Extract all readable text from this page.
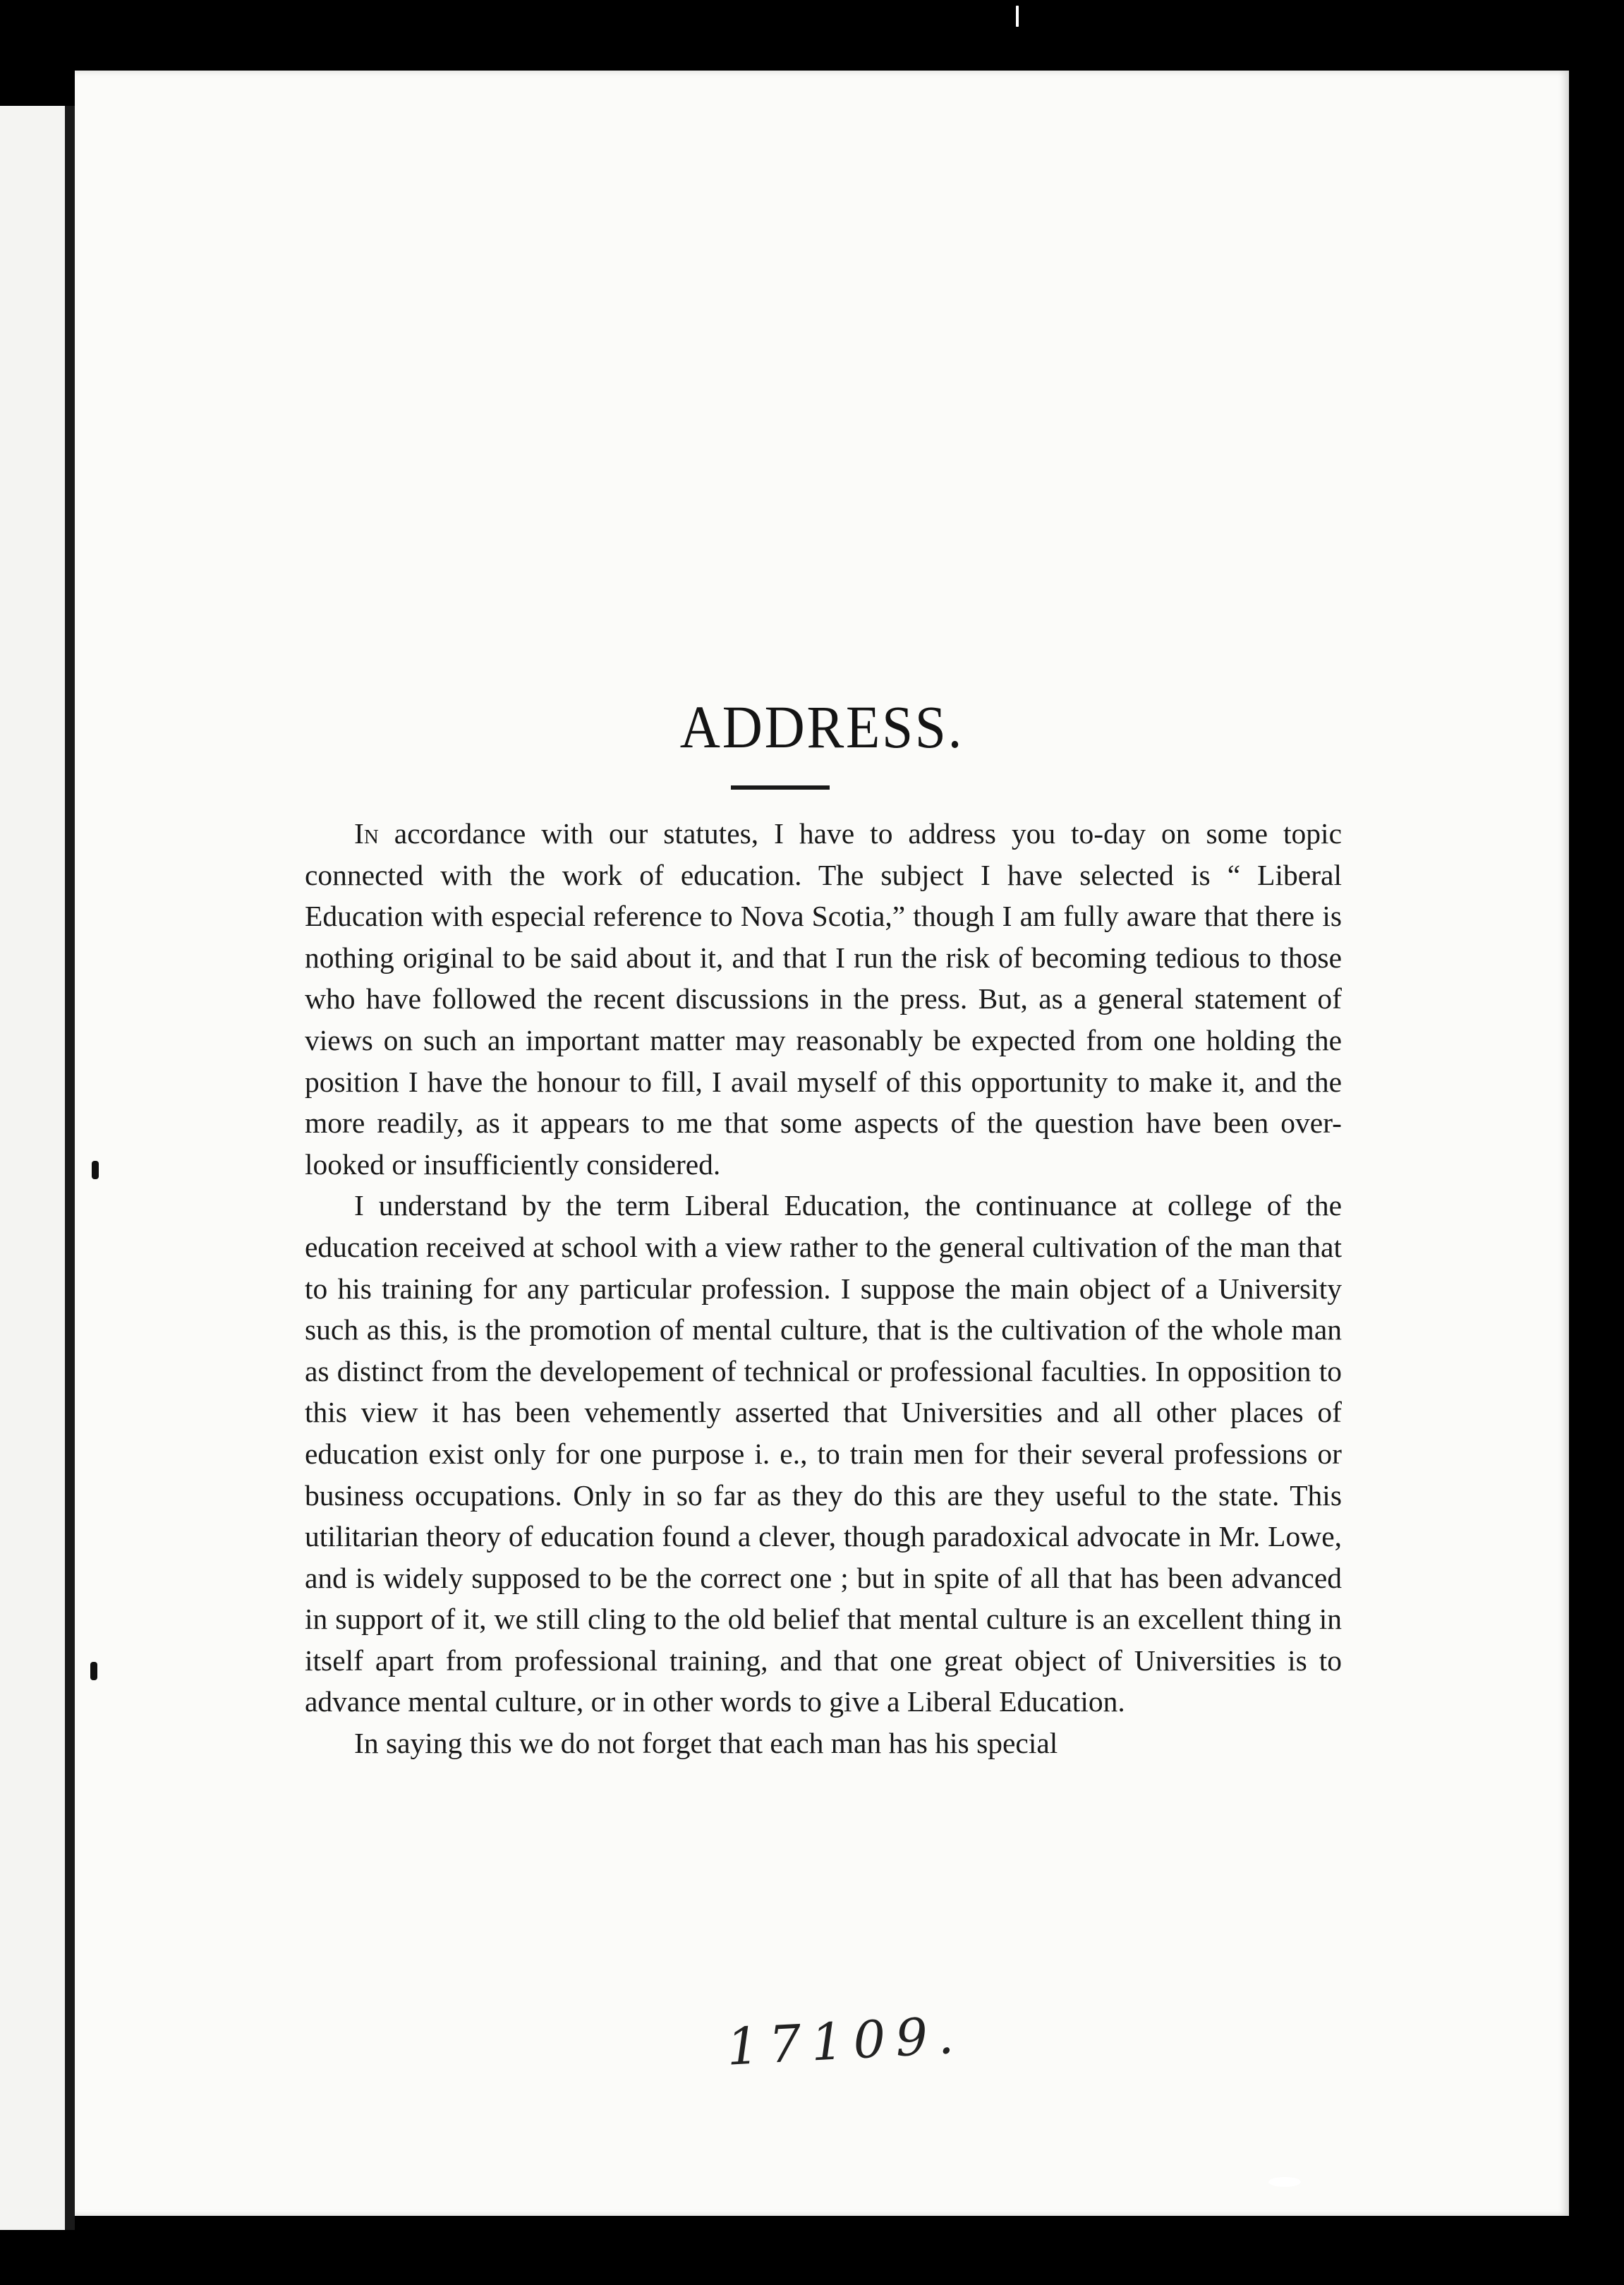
ADDRESS.

In accordance with our statutes, I have to address you to-day on some topic connected with the work of education. The subject I have selected is “ Liberal Education with especial reference to Nova Scotia,” though I am fully aware that there is nothing original to be said about it, and that I run the risk of becoming tedious to those who have followed the recent discussions in the press. But, as a general statement of views on such an important matter may reasonably be expected from one holding the position I have the honour to fill, I avail myself of this opportunity to make it, and the more readily, as it appears to me that some aspects of the question have been over-looked or insufficiently considered.

I understand by the term Liberal Education, the continuance at college of the education received at school with a view rather to the general cultivation of the man that to his training for any particular profession. I suppose the main object of a University such as this, is the promotion of mental culture, that is the cultivation of the whole man as distinct from the developement of technical or professional faculties. In opposition to this view it has been vehemently asserted that Universities and all other places of education exist only for one purpose i. e., to train men for their several professions or business occupations. Only in so far as they do this are they useful to the state. This utilitarian theory of education found a clever, though paradoxical advocate in Mr. Lowe, and is widely supposed to be the correct one ; but in spite of all that has been advanced in support of it, we still cling to the old belief that mental culture is an excellent thing in itself apart from professional training, and that one great object of Universities is to advance mental culture, or in other words to give a Liberal Education.

In saying this we do not forget that each man has his special

17109.
